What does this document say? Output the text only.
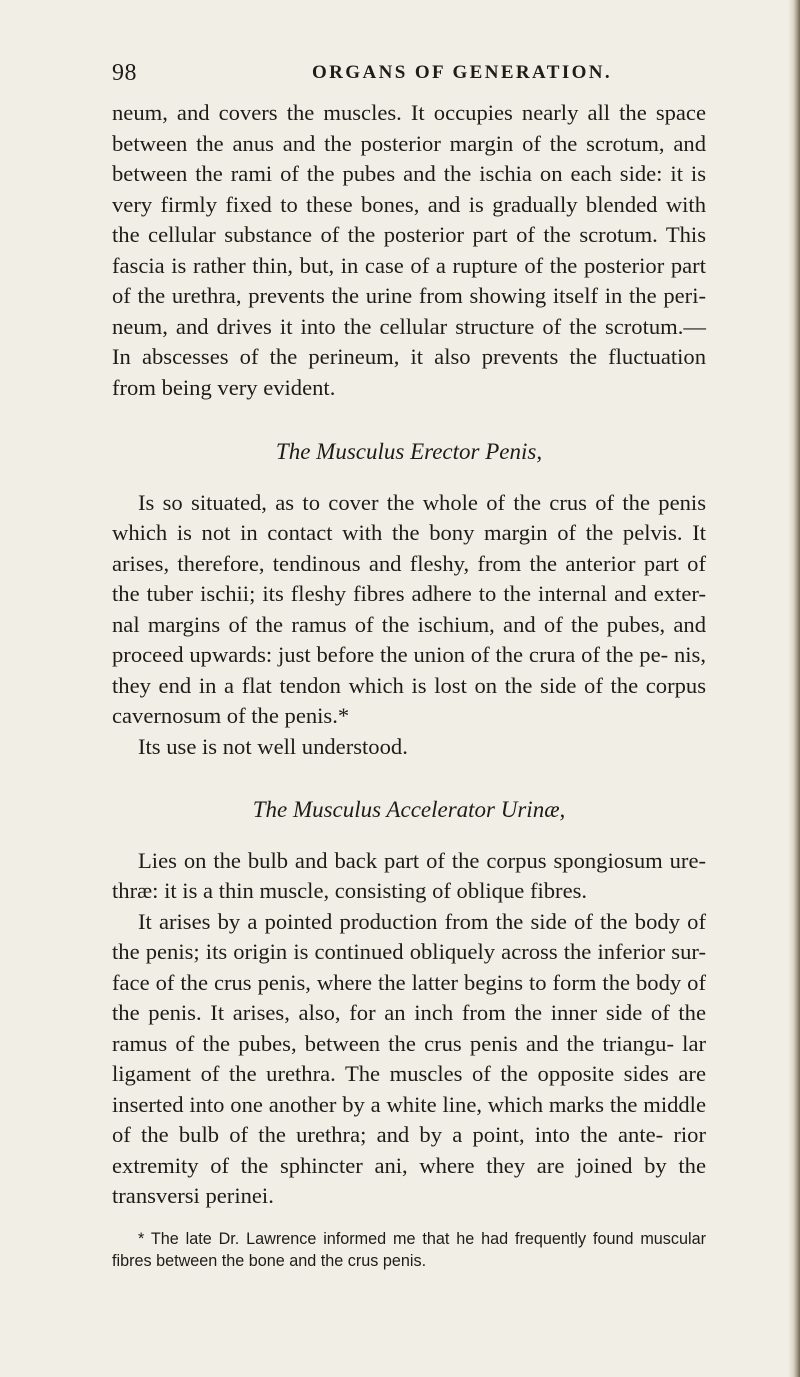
98	ORGANS OF GENERATION.

neum, and covers the muscles. It occupies nearly all the space between the anus and the posterior margin of the scrotum, and between the rami of the pubes and the ischia on each side: it is very firmly fixed to these bones, and is gradually blended with the cellular substance of the posterior part of the scrotum. This fascia is rather thin, but, in case of a rupture of the posterior part of the urethra, prevents the urine from showing itself in the peri- neum, and drives it into the cellular structure of the scrotum.— In abscesses of the perineum, it also prevents the fluctuation from being very evident.

The Musculus Erector Penis,

Is so situated, as to cover the whole of the crus of the penis which is not in contact with the bony margin of the pelvis. It arises, therefore, tendinous and fleshy, from the anterior part of the tuber ischii; its fleshy fibres adhere to the internal and exter- nal margins of the ramus of the ischium, and of the pubes, and proceed upwards: just before the union of the crura of the pe- nis, they end in a flat tendon which is lost on the side of the corpus cavernosum of the penis.*

Its use is not well understood.

The Musculus Accelerator Urinæ,

Lies on the bulb and back part of the corpus spongiosum ure- thræ: it is a thin muscle, consisting of oblique fibres.

It arises by a pointed production from the side of the body of the penis; its origin is continued obliquely across the inferior sur- face of the crus penis, where the latter begins to form the body of the penis. It arises, also, for an inch from the inner side of the ramus of the pubes, between the crus penis and the triangu- lar ligament of the urethra. The muscles of the opposite sides are inserted into one another by a white line, which marks the middle of the bulb of the urethra; and by a point, into the ante- rior extremity of the sphincter ani, where they are joined by the transversi perinei.

* The late Dr. Lawrence informed me that he had frequently found muscular fibres between the bone and the crus penis.
